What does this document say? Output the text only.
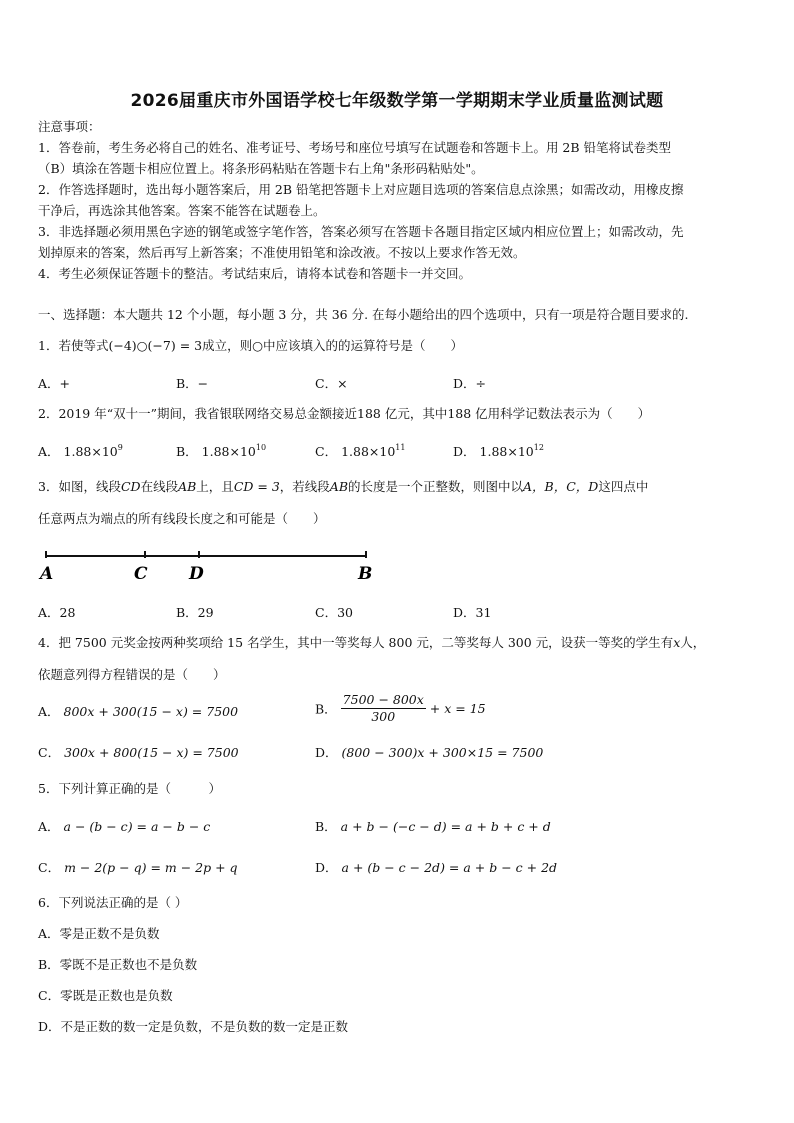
2026届重庆市外国语学校七年级数学第一学期期末学业质量监测试题
注意事项：
1．答卷前，考生务必将自己的姓名、准考证号、考场号和座位号填写在试题卷和答题卡上。用 2B 铅笔将试卷类型
（B）填涂在答题卡相应位置上。将条形码粘贴在答题卡右上角"条形码粘贴处"。
2．作答选择题时，选出每小题答案后，用 2B 铅笔把答题卡上对应题目选项的答案信息点涂黑；如需改动，用橡皮擦
干净后，再选涂其他答案。答案不能答在试题卷上。
3．非选择题必须用黑色字迹的钢笔或签字笔作答，答案必须写在答题卡各题目指定区域内相应位置上；如需改动，先
划掉原来的答案，然后再写上新答案；不准使用铅笔和涂改液。不按以上要求作答无效。
4．考生必须保证答题卡的整洁。考试结束后，请将本试卷和答题卡一并交回。
一、选择题：本大题共 12 个小题，每小题 3 分，共 36 分. 在每小题给出的四个选项中，只有一项是符合题目要求的.
1．若使等式(−4)○(−7) = 3成立，则○中应该填入的的运算符号是（　　）
A．+	B．−	C．×	D．÷
2．2019 年“双十一”期间，我省银联网络交易总金额接近188 亿元，其中188 亿用科学记数法表示为（　　）
A． $1.88\times 10^9$	B． $1.88\times 10^{10}$	C． $1.88\times 10^{11}$	D． $1.88\times 10^{12}$
3．如图，线段CD在线段AB上，且CD = 3，若线段AB的长度是一个正整数，则图中以A，B，C，D这四点中
任意两点为端点的所有线段长度之和可能是（　　）
A	C D	B
A．28	B．29	C．30	D．31
4．把 7500 元奖金按两种奖项给 15 名学生，其中一等奖每人 800 元，二等奖每人 300 元，设获一等奖的学生有x人，
依题意列得方程错误的是（　　）
A． 800x + 300(15 − x) = 7500	B． $\frac{7500 - 800x}{300} + x = 15$
C． 300x + 800(15 − x) = 7500	D． (800 − 300)x + 300×15 = 7500
5．下列计算正确的是（　　　）
A． a − (b − c) = a − b − c	B． a + b − (−c − d) = a + b + c + d
C． m − 2(p − q) = m − 2p + q	D． a + (b − c − 2d) = a + b − c + 2d
6．下列说法正确的是（ ）
A．零是正数不是负数
B．零既不是正数也不是负数
C．零既是正数也是负数
D．不是正数的数一定是负数，不是负数的数一定是正数
